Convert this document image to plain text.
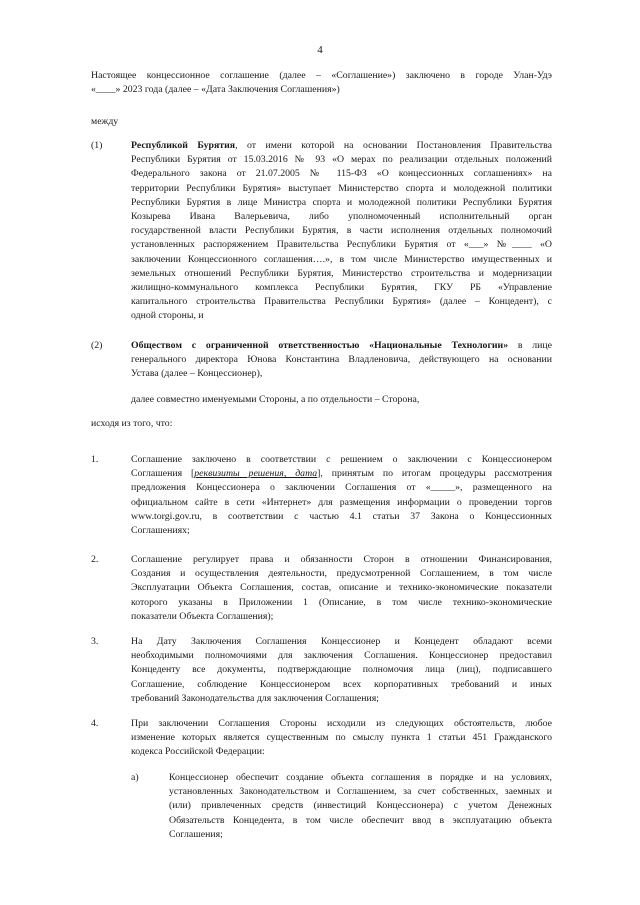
4
Настоящее концессионное соглашение (далее – «Соглашение») заключено в городе Улан-Удэ
«____» 2023 года (далее – «Дата Заключения Соглашения»)
между
(1)	Республикой Бурятия, от имени которой на основании Постановления Правительства
Республики Бурятия от 15.03.2016 № 93 «О мерах по реализации отдельных положений
Федерального закона от 21.07.2005 № 115-ФЗ «О концессионных соглашениях» на
территории Республики Бурятия» выступает Министерство спорта и молодежной политики
Республики Бурятия в лице Министра спорта и молодежной политики Республики Бурятия
Козырева Ивана Валерьевича, либо уполномоченный исполнительный орган
государственной власти Республики Бурятия, в части исполнения отдельных полномочий
установленных распоряжением Правительства Республики Бурятия от «___» №____ «О
заключении Концессионного соглашения….», в том числе Министерство имущественных и
земельных отношений Республики Бурятия, Министерство строительства и модернизации
жилищно-коммунального комплекса Республики Бурятия, ГКУ РБ «Управление
капитального строительства Правительства Республики Бурятия» (далее – Концедент), с
одной стороны, и
(2)	Обществом с ограниченной ответственностью «Национальные Технологии» в лице
генерального директора Юнова Константина Владленовича, действующего на основании
Устава (далее – Концессионер),
далее совместно именуемыми Стороны, а по отдельности – Сторона,
исходя из того, что:
1.	Соглашение заключено в соответствии с решением о заключении с Концессионером
Соглашения [реквизиты решения, дата], принятым по итогам процедуры рассмотрения
предложения Концессионера о заключении Соглашения от «_____», размещенного на
официальном сайте в сети «Интернет» для размещения информации о проведении торгов
www.torgi.gov.ru, в соответствии с частью 4.1 статьи 37 Закона о Концессионных
Соглашениях;
2.	Соглашение регулирует права и обязанности Сторон в отношении Финансирования,
Создания и осуществления деятельности, предусмотренной Соглашением, в том числе
Эксплуатации Объекта Соглашения, состав, описание и технико-экономические показатели
которого указаны в Приложении 1 (Описание, в том числе технико-экономические
показатели Объекта Соглашения);
3.	На Дату Заключения Соглашения Концессионер и Концедент обладают всеми
необходимыми полномочиями для заключения Соглашения. Концессионер предоставил
Концеденту все документы, подтверждающие полномочия лица (лиц), подписавшего
Соглашение, соблюдение Концессионером всех корпоративных требований и иных
требований Законодательства для заключения Соглашения;
4.	При заключении Соглашения Стороны исходили из следующих обстоятельств, любое
изменение которых является существенным по смыслу пункта 1 статьи 451 Гражданского
кодекса Российской Федерации:
a)	Концессионер обеспечит создание объекта соглашения в порядке и на условиях,
установленных Законодательством и Соглашением, за счет собственных, заемных и
(или) привлеченных средств (инвестиций Концессионера) с учетом Денежных
Обязательств Концедента, в том числе обеспечит ввод в эксплуатацию объекта
Соглашения;
